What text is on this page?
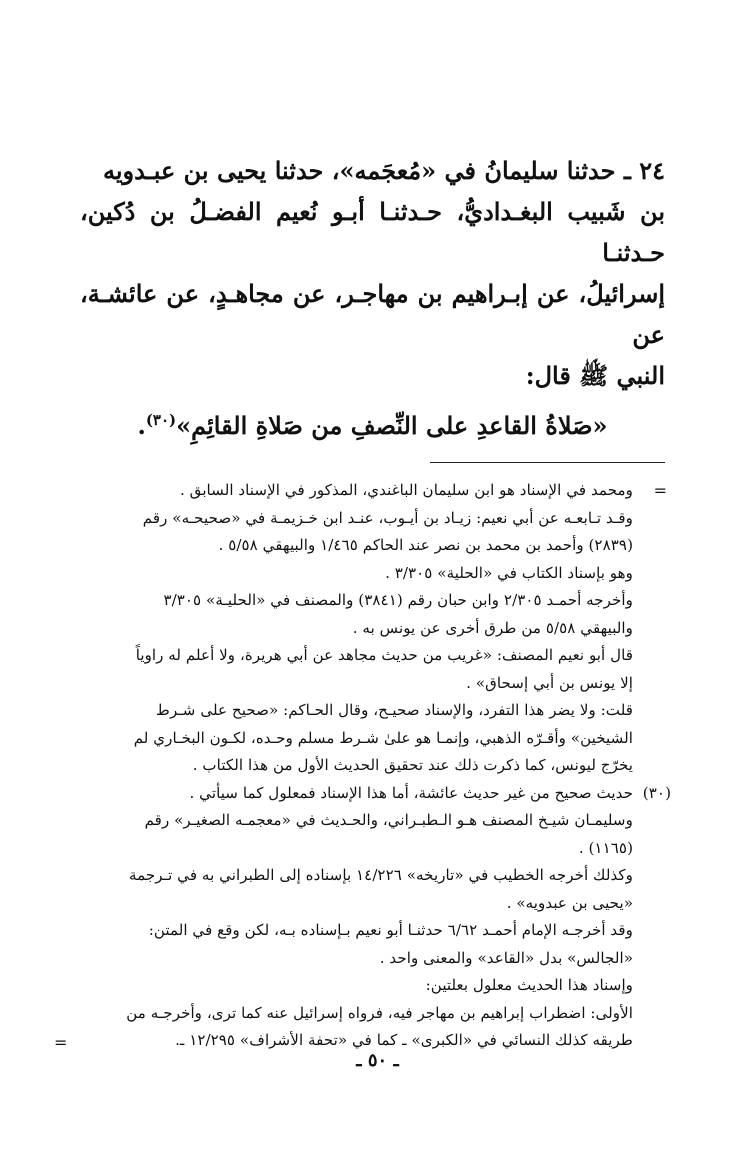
٢٤ ـ حدثنا سليمانُ في «مُعجَمه»، حدثنا يحيى بن عبـدويه

بن شَبيب البغـداديُّ، حـدثنـا أبـو نُعيم الفضـلُ بن دُكين، حـدثنـا

إسرائيلُ، عن إبـراهيم بن مهاجـر، عن مجاهـدٍ، عن عائشـة، عن

النبي ﷺ قال:

«صَلاةُ القاعدِ على النِّصفِ من صَلاةِ القائِمِ»$^{(٣٠)}$.

=
ومحمد في الإسناد هو ابن سليمان الباغندي، المذكور في الإسناد السابق .
وقـد تـابعـه عن أبي نعيم: زيـاد بن أيـوب، عنـد ابن خـزيمـة في «صحيحـه» رقم
(٢٨٣٩) وأحمد بن محمد بن نصر عند الحاكم ١/٤٦٥ والبيهقي ٥/٥٨ .
وهو بإسناد الكتاب في «الحلية» ٣/٣٠٥ .
وأخرجه أحمـد ٢/٣٠٥ وابن حبان رقم (٣٨٤١) والمصنف في «الحليـة» ٣/٣٠٥
والبيهقي ٥/٥٨ من طرق أخرى عن يونس به .
قال أبو نعيم المصنف: «غريب من حديث مجاهد عن أبي هريرة، ولا أعلم له راوياً
إلا يونس بن أبي إسحاق» .
قلت: ولا يضر هذا التفرد، والإسناد صحيـح، وقال الحـاكم: «صحيح على شـرط
الشيخين» وأقـرّه الذهبي، وإنمـا هو علىٰ شـرط مسلم وحـده، لكـون البخـاري لم
يخرّج ليونس، كما ذكرت ذلك عند تحقيق الحديث الأول من هذا الكتاب .
(٣٠)
حديث صحيح من غير حديث عائشة، أما هذا الإسناد فمعلول كما سيأتي .
وسليمـان شيـخ المصنف هـو الـطبـراني، والحـديث في «معجمـه الصغيـر» رقم
(١١٦٥) .
وكذلك أخرجه الخطيب في «تاريخه» ١٤/٢٢٦ بإسناده إلى الطبراني به في تـرجمة
«يحيى بن عبدويه» .
وقد أخرجـه الإمام أحمـد ٦/٦٢ حدثنـا أبو نعيم بـإسناده بـه، لكن وقع في المتن:
«الجالس» بدل «القاعد» والمعنى واحد .
وإسناد هذا الحديث معلول بعلتين:
الأولى: اضطراب إبراهيم بن مهاجر فيه، فرواه إسرائيل عنه كما ترى، وأخرجـه من
طريقه كذلك النسائي في «الكبرى» ـ كما في «تحفة الأشراف» ١٢/٢٩٥ ـ.
=
ـ ٥٠ ـ
